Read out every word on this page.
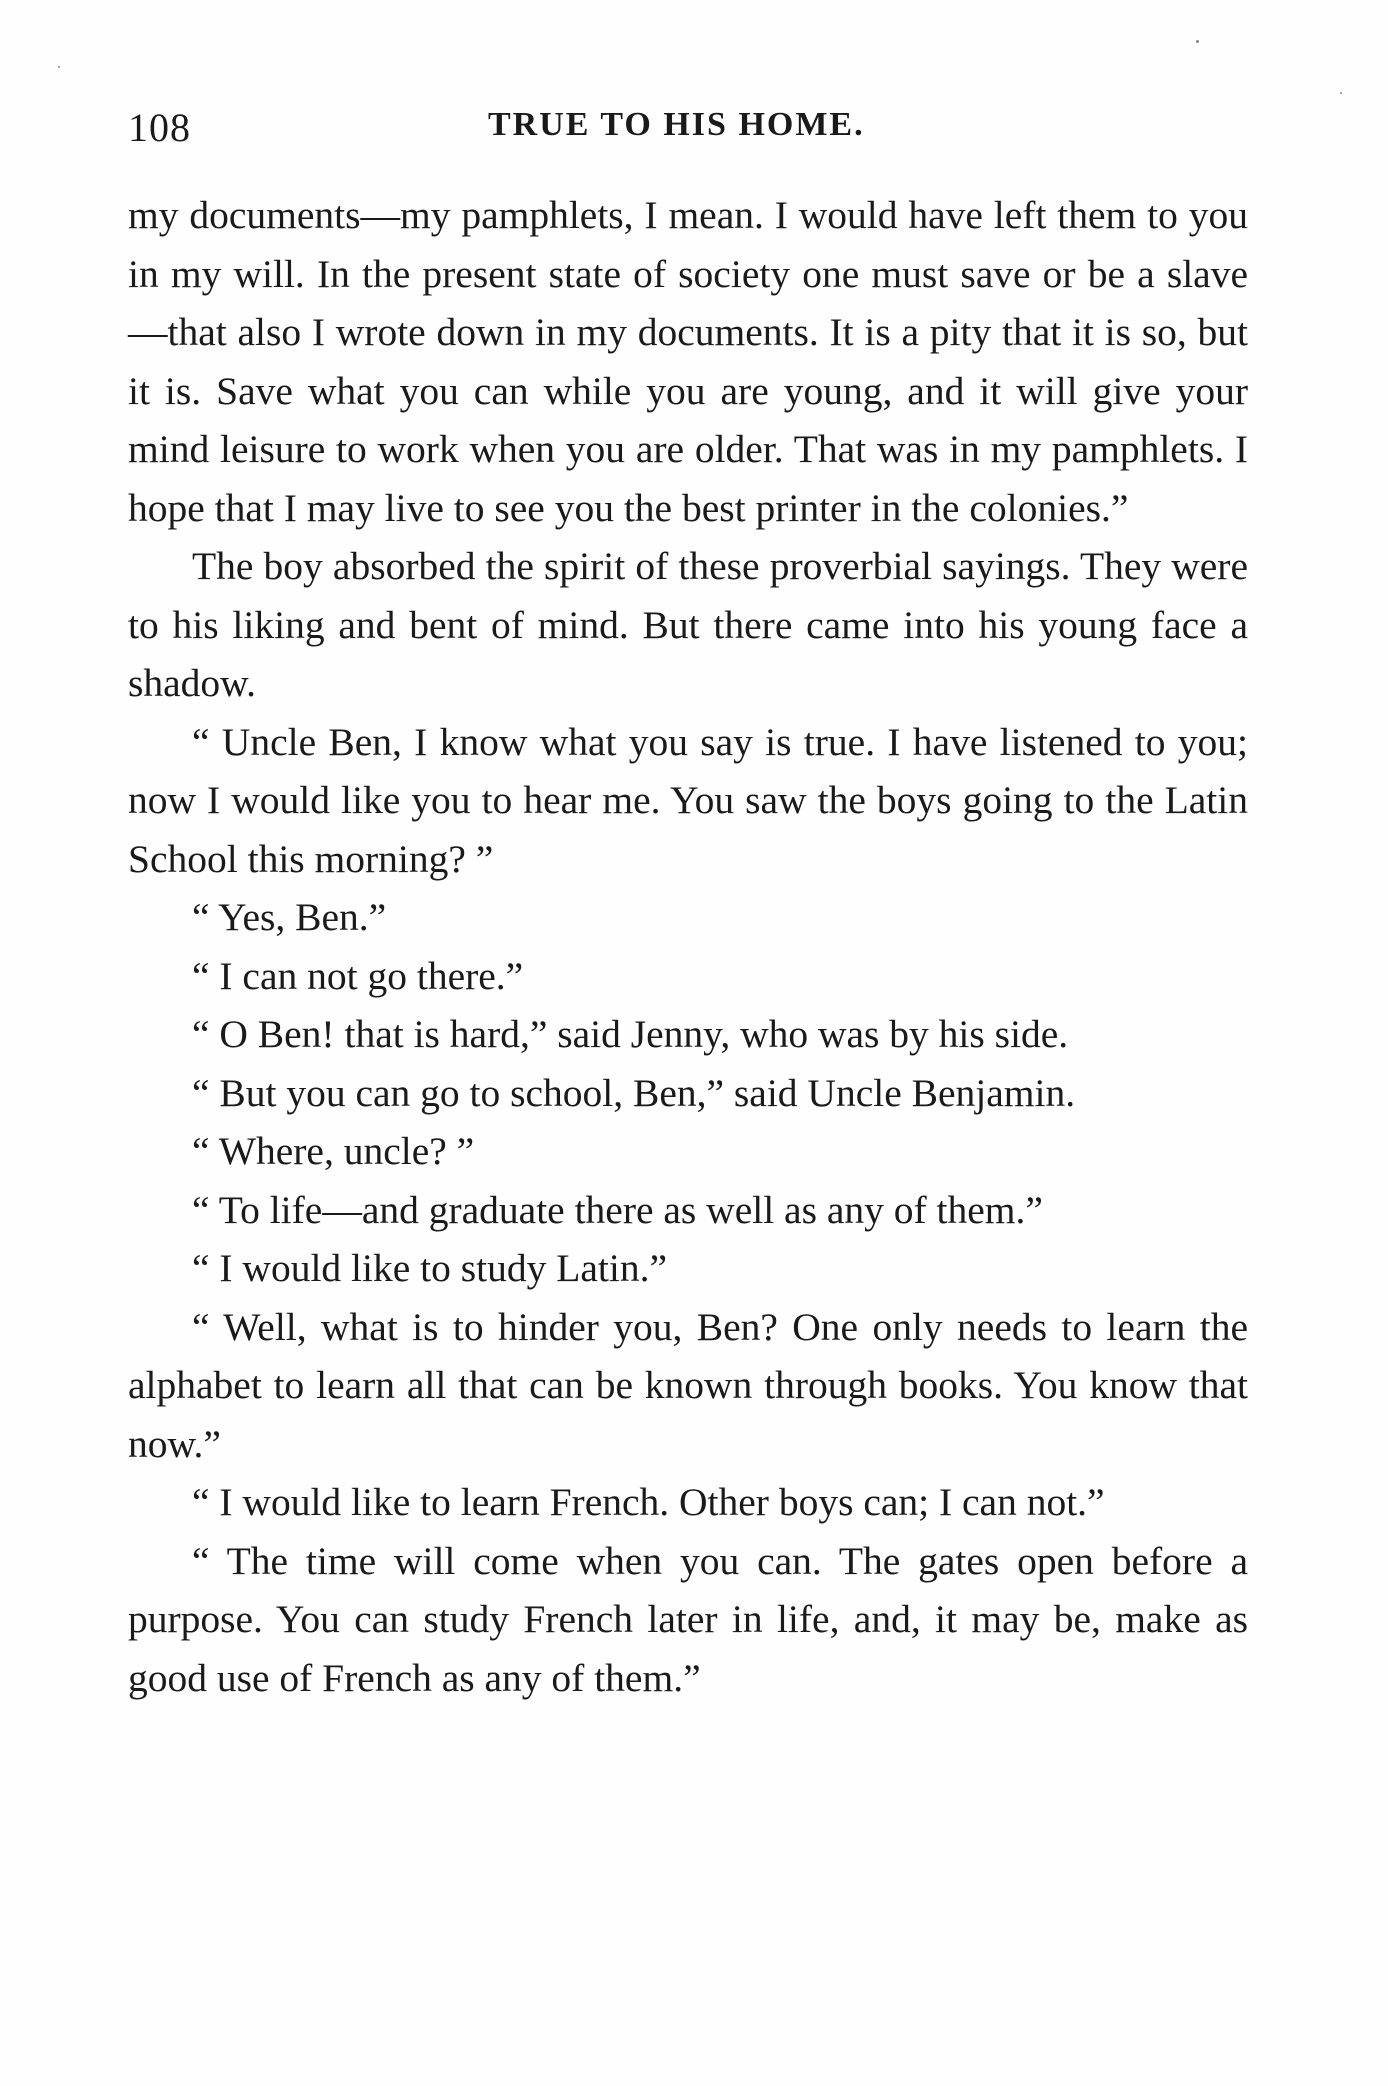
108	TRUE TO HIS HOME.

my documents—my pamphlets, I mean. I would have left them to you in my will. In the present state of society one must save or be a slave—that also I wrote down in my documents. It is a pity that it is so, but it is. Save what you can while you are young, and it will give your mind leisure to work when you are older. That was in my pamphlets. I hope that I may live to see you the best printer in the colonies.”

The boy absorbed the spirit of these proverbial sayings. They were to his liking and bent of mind. But there came into his young face a shadow.

“ Uncle Ben, I know what you say is true. I have listened to you; now I would like you to hear me. You saw the boys going to the Latin School this morning? ”

“ Yes, Ben.”

“ I can not go there.”

“ O Ben! that is hard,” said Jenny, who was by his side.

“ But you can go to school, Ben,” said Uncle Benjamin.

“ Where, uncle? ”

“ To life—and graduate there as well as any of them.”

“ I would like to study Latin.”

“ Well, what is to hinder you, Ben? One only needs to learn the alphabet to learn all that can be known through books. You know that now.”

“ I would like to learn French. Other boys can; I can not.”

“ The time will come when you can. The gates open before a purpose. You can study French later in life, and, it may be, make as good use of French as any of them.”
